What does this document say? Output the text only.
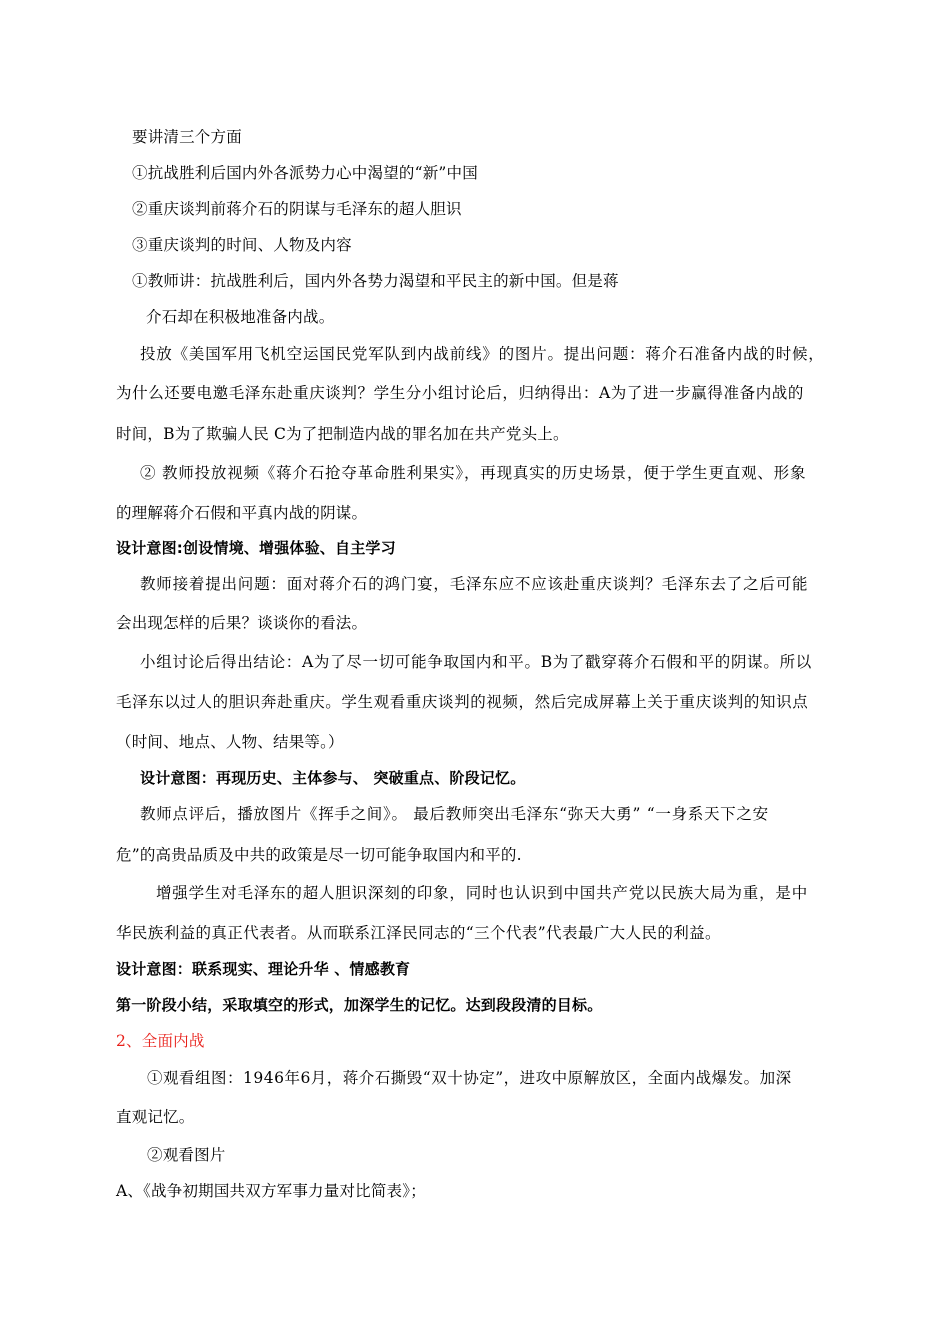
要讲清三个方面
①抗战胜利后国内外各派势力心中渴望的“新”中国
②重庆谈判前蒋介石的阴谋与毛泽东的超人胆识
③重庆谈判的时间、人物及内容
①教师讲：抗战胜利后，国内外各势力渴望和平民主的新中国。但是蒋
介石却在积极地准备内战。
投放《美国军用飞机空运国民党军队到内战前线》的图片。提出问题：蒋介石准备内战的时候，
为什么还要电邀毛泽东赴重庆谈判？学生分小组讨论后，归纳得出：A为了进一步赢得准备内战的
时间，B为了欺骗人民 C为了把制造内战的罪名加在共产党头上。
② 教师投放视频《蒋介石抢夺革命胜利果实》，再现真实的历史场景，便于学生更直观、形象
的理解蒋介石假和平真内战的阴谋。
设计意图:创设情境、增强体验、自主学习
教师接着提出问题：面对蒋介石的鸿门宴，毛泽东应不应该赴重庆谈判？毛泽东去了之后可能
会出现怎样的后果？谈谈你的看法。
小组讨论后得出结论：A为了尽一切可能争取国内和平。B为了戳穿蒋介石假和平的阴谋。所以
毛泽东以过人的胆识奔赴重庆。学生观看重庆谈判的视频，然后完成屏幕上关于重庆谈判的知识点
（时间、地点、人物、结果等。）
设计意图：再现历史、主体参与、 突破重点、阶段记忆。
教师点评后，播放图片《挥手之间》。 最后教师突出毛泽东“弥天大勇” “一身系天下之安
危”的高贵品质及中共的政策是尽一切可能争取国内和平的.
增强学生对毛泽东的超人胆识深刻的印象，同时也认识到中国共产党以民族大局为重，是中
华民族利益的真正代表者。从而联系江泽民同志的“三个代表”代表最广大人民的利益。
设计意图：联系现实、理论升华 、情感教育
第一阶段小结，采取填空的形式，加深学生的记忆。达到段段清的目标。
2、全面内战
①观看组图：1946年6月，蒋介石撕毁“双十协定”，进攻中原解放区，全面内战爆发。加深
直观记忆。
②观看图片
A、《战争初期国共双方军事力量对比简表》；
